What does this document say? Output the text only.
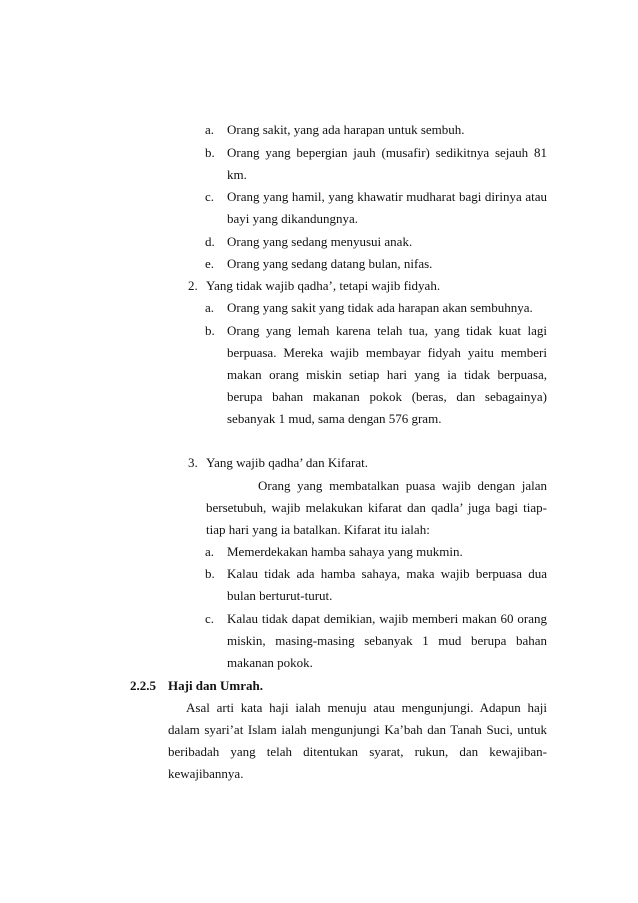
a. Orang sakit, yang ada harapan untuk sembuh.
b. Orang yang bepergian jauh (musafir) sedikitnya sejauh 81
km.
c. Orang yang hamil, yang khawatir mudharat bagi dirinya atau
bayi yang dikandungnya.
d. Orang yang sedang menyusui anak.
e. Orang yang sedang datang bulan, nifas.
2. Yang tidak wajib qadha’, tetapi wajib fidyah.
a. Orang yang sakit yang tidak ada harapan akan sembuhnya.
b. Orang yang lemah karena telah tua, yang tidak kuat lagi
berpuasa. Mereka wajib membayar fidyah yaitu memberi
makan orang miskin setiap hari yang ia tidak berpuasa,
berupa bahan makanan pokok (beras, dan sebagainya)
sebanyak 1 mud, sama dengan 576 gram.
3. Yang wajib qadha’ dan Kifarat.
Orang yang membatalkan puasa wajib dengan jalan
bersetubuh, wajib melakukan kifarat dan qadla’ juga bagi tiap-
tiap hari yang ia batalkan. Kifarat itu ialah:
a. Memerdekakan hamba sahaya yang mukmin.
b. Kalau tidak ada hamba sahaya, maka wajib berpuasa dua
bulan berturut-turut.
c. Kalau tidak dapat demikian, wajib memberi makan 60 orang
miskin, masing-masing sebanyak 1 mud berupa bahan
makanan pokok.
2.2.5 Haji dan Umrah.
Asal arti kata haji ialah menuju atau mengunjungi. Adapun haji
dalam syari’at Islam ialah mengunjungi Ka’bah dan Tanah Suci, untuk
beribadah yang telah ditentukan syarat, rukun, dan kewajiban-
kewajibannya.
